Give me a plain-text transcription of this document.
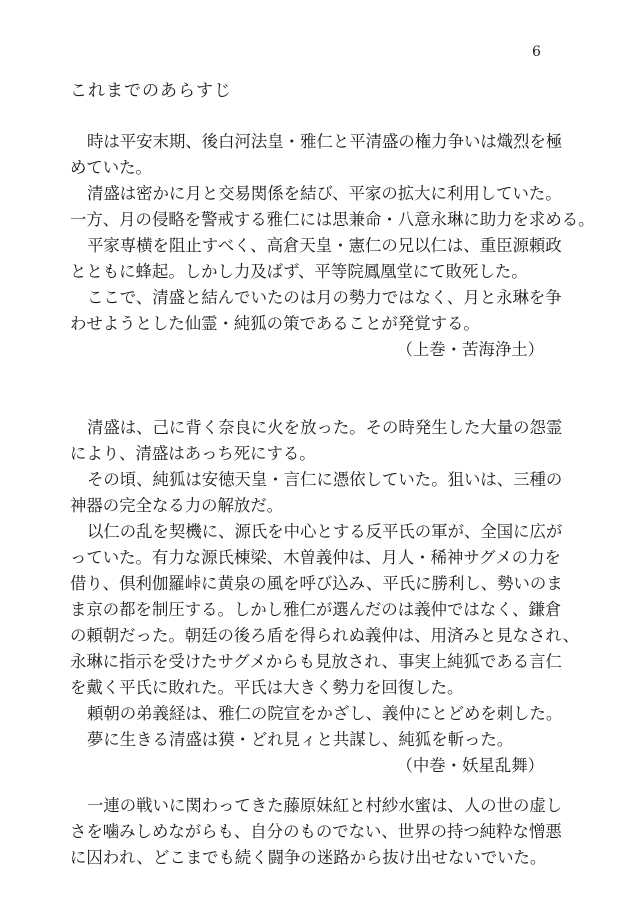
6
これまでのあらすじ
時は平安末期、後白河法皇・雅仁と平清盛の権力争いは熾烈を極
めていた。
清盛は密かに月と交易関係を結び、平家の拡大に利用していた。
一方、月の侵略を警戒する雅仁には思兼命・八意永琳に助力を求める。
平家専横を阻止すべく、高倉天皇・憲仁の兄以仁は、重臣源頼政
とともに蜂起。しかし力及ばず、平等院鳳凰堂にて敗死した。
ここで、清盛と結んでいたのは月の勢力ではなく、月と永琳を争
わせようとした仙霊・純狐の策であることが発覚する。
（上巻・苦海浄土）
清盛は、己に背く奈良に火を放った。その時発生した大量の怨霊
により、清盛はあっち死にする。
その頃、純狐は安徳天皇・言仁に憑依していた。狙いは、三種の
神器の完全なる力の解放だ。
以仁の乱を契機に、源氏を中心とする反平氏の軍が、全国に広が
っていた。有力な源氏棟梁、木曽義仲は、月人・稀神サグメの力を
借り、倶利伽羅峠に黄泉の風を呼び込み、平氏に勝利し、勢いのま
ま京の都を制圧する。しかし雅仁が選んだのは義仲ではなく、鎌倉
の頼朝だった。朝廷の後ろ盾を得られぬ義仲は、用済みと見なされ、
永琳に指示を受けたサグメからも見放され、事実上純狐である言仁
を戴く平氏に敗れた。平氏は大きく勢力を回復した。
頼朝の弟義経は、雅仁の院宣をかざし、義仲にとどめを刺した。
夢に生きる清盛は獏・どれ見ィと共謀し、純狐を斬った。
（中巻・妖星乱舞）
一連の戦いに関わってきた藤原妹紅と村紗水蜜は、人の世の虚し
さを噛みしめながらも、自分のものでない、世界の持つ純粋な憎悪
に囚われ、どこまでも続く闘争の迷路から抜け出せないでいた。
